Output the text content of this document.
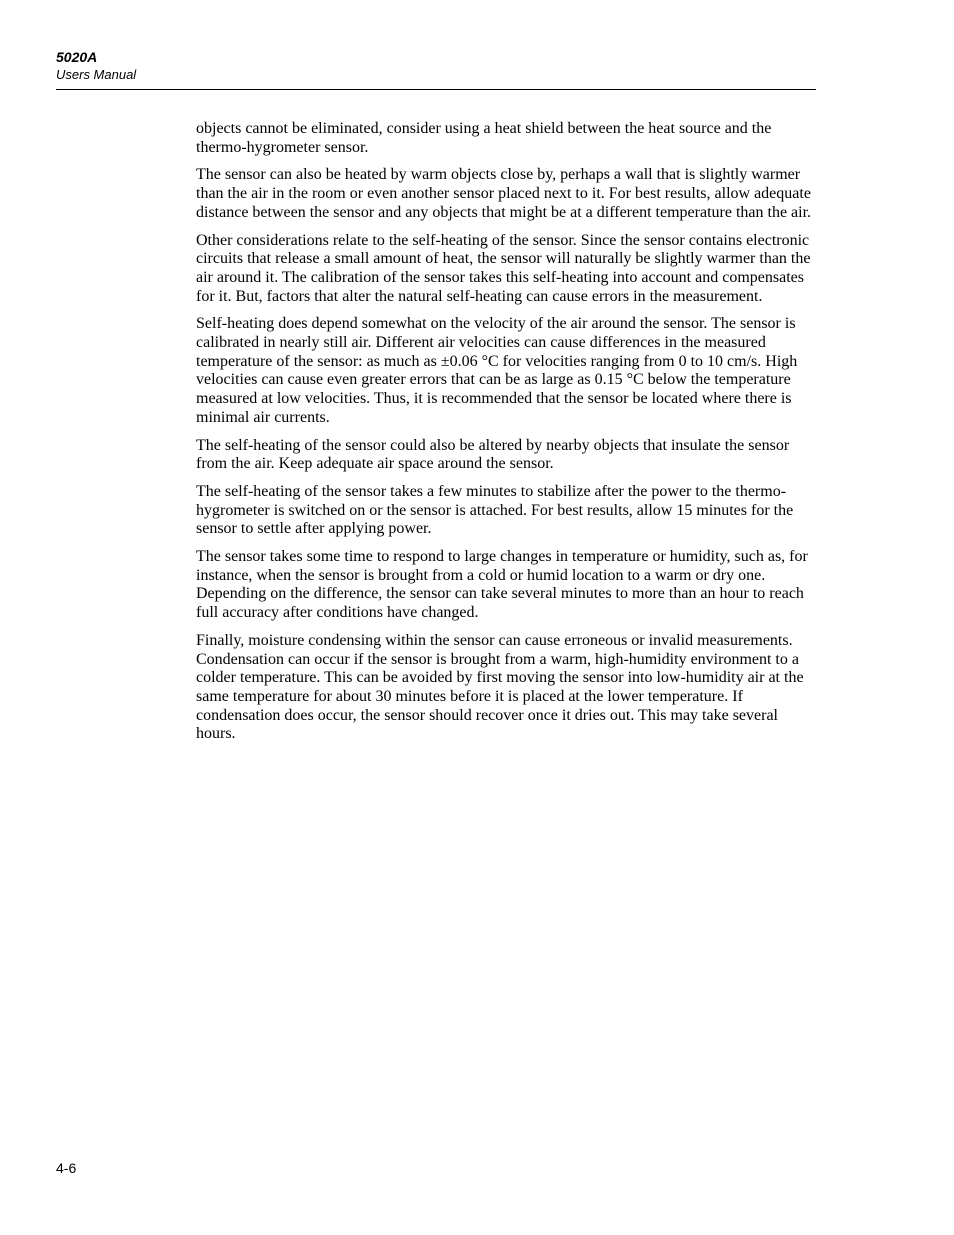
5020A
Users Manual

objects cannot be eliminated, consider using a heat shield between the heat source and the thermo-hygrometer sensor.

The sensor can also be heated by warm objects close by, perhaps a wall that is slightly warmer than the air in the room or even another sensor placed next to it. For best results, allow adequate distance between the sensor and any objects that might be at a different temperature than the air.

Other considerations relate to the self-heating of the sensor. Since the sensor contains electronic circuits that release a small amount of heat, the sensor will naturally be slightly warmer than the air around it. The calibration of the sensor takes this self-heating into account and compensates for it. But, factors that alter the natural self-heating can cause errors in the measurement.

Self-heating does depend somewhat on the velocity of the air around the sensor. The sensor is calibrated in nearly still air. Different air velocities can cause differences in the measured temperature of the sensor: as much as ±0.06 °C for velocities ranging from 0 to 10 cm/s. High velocities can cause even greater errors that can be as large as 0.15 °C below the temperature measured at low velocities. Thus, it is recommended that the sensor be located where there is minimal air currents.

The self-heating of the sensor could also be altered by nearby objects that insulate the sensor from the air. Keep adequate air space around the sensor.

The self-heating of the sensor takes a few minutes to stabilize after the power to the thermo-hygrometer is switched on or the sensor is attached. For best results, allow 15 minutes for the sensor to settle after applying power.

The sensor takes some time to respond to large changes in temperature or humidity, such as, for instance, when the sensor is brought from a cold or humid location to a warm or dry one. Depending on the difference, the sensor can take several minutes to more than an hour to reach full accuracy after conditions have changed.

Finally, moisture condensing within the sensor can cause erroneous or invalid measurements. Condensation can occur if the sensor is brought from a warm, high-humidity environment to a colder temperature. This can be avoided by first moving the sensor into low-humidity air at the same temperature for about 30 minutes before it is placed at the lower temperature. If condensation does occur, the sensor should recover once it dries out. This may take several hours.

4-6
